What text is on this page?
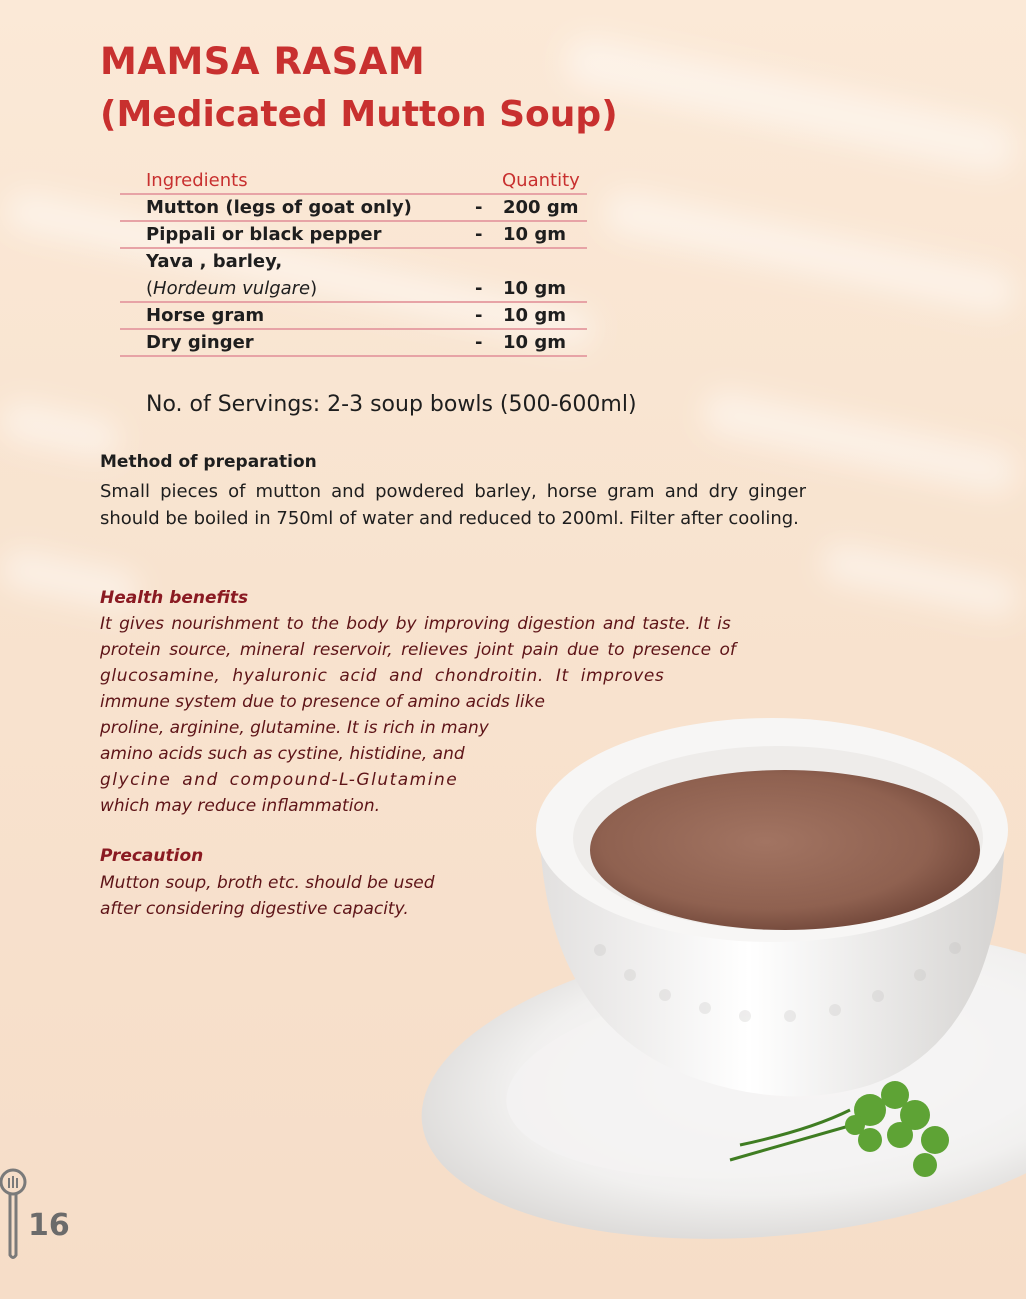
MAMSA RASAM
(Medicated Mutton Soup)
Ingredients	Quantity
Mutton (legs of goat only)	- 200 gm
Pippali or black pepper	- 10 gm
Yava , barley,
(Hordeum vulgare)	- 10 gm
Horse gram	- 10 gm
Dry ginger	- 10 gm

No. of Servings: 2-3 soup bowls (500-600ml)

Method of preparation

Small pieces of mutton and powdered barley, horse gram and dry ginger should be boiled in 750ml of water and reduced to 200ml. Filter after cooling.

Health benefits

It gives nourishment to the body by improving digestion and taste. It is

protein source, mineral reservoir, relieves joint pain due to presence of

glucosamine, hyaluronic acid and chondroitin. It improves

immune system due to presence of amino acids like

proline, arginine, glutamine. It is rich in many

amino acids such as cystine, histidine, and

glycine and compound-L-Glutamine

which may reduce inflammation.

Precaution

Mutton soup, broth etc. should be used

after considering digestive capacity.

16
